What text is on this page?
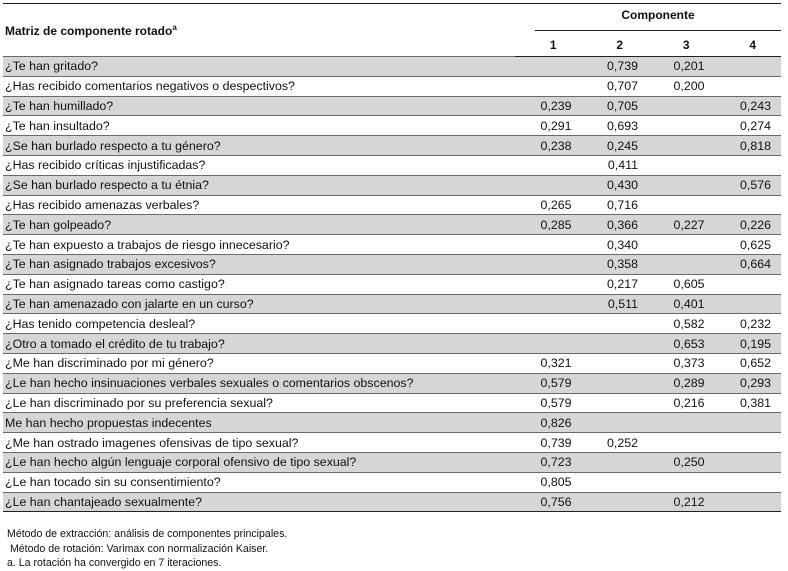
Matriz de componente rotado$^a$	Componente			

	1	2	3	4
¿Te han gritado?		0,739	0,201	
¿Has recibido comentarios negativos o despectivos?		0,707	0,200	
¿Te han humillado?	0,239	0,705		0,243
¿Te han insultado?	0,291	0,693		0,274
¿Se han burlado respecto a tu género?	0,238	0,245		0,818
¿Has recibido críticas injustificadas?		0,411		
¿Se han burlado respecto a tu étnia?		0,430		0,576
¿Has recibido amenazas verbales?	0,265	0,716		
¿Te han golpeado?	0,285	0,366	0,227	0,226
¿Te han expuesto a trabajos de riesgo innecesario?		0,340		0,625
¿Te han asignado trabajos excesivos?		0,358		0,664
¿Te han asignado tareas como castigo?		0,217	0,605	
¿Te han amenazado con jalarte en un curso?		0,511	0,401	
¿Has tenido competencia desleal?			0,582	0,232
¿Otro a tomado el crédito de tu trabajo?			0,653	0,195
¿Me han discriminado por mi género?	0,321		0,373	0,652
¿Le han hecho insinuaciones verbales sexuales o comentarios obscenos?	0,579		0,289	0,293
¿Le han discriminado por su preferencia sexual?	0,579		0,216	0,381
Me han hecho propuestas indecentes	0,826			
¿Me han ostrado imagenes ofensivas de tipo sexual?	0,739	0,252		
¿Le han hecho algún lenguaje corporal ofensivo de tipo sexual?	0,723		0,250	
¿Le han tocado sin su consentimiento?	0,805			
¿Le han chantajeado sexualmente?	0,756		0,212	
Método de extracción: análisis de componentes principales.
Método de rotación: Varimax con normalización Kaiser.
a. La rotación ha convergido en 7 iteraciones.
